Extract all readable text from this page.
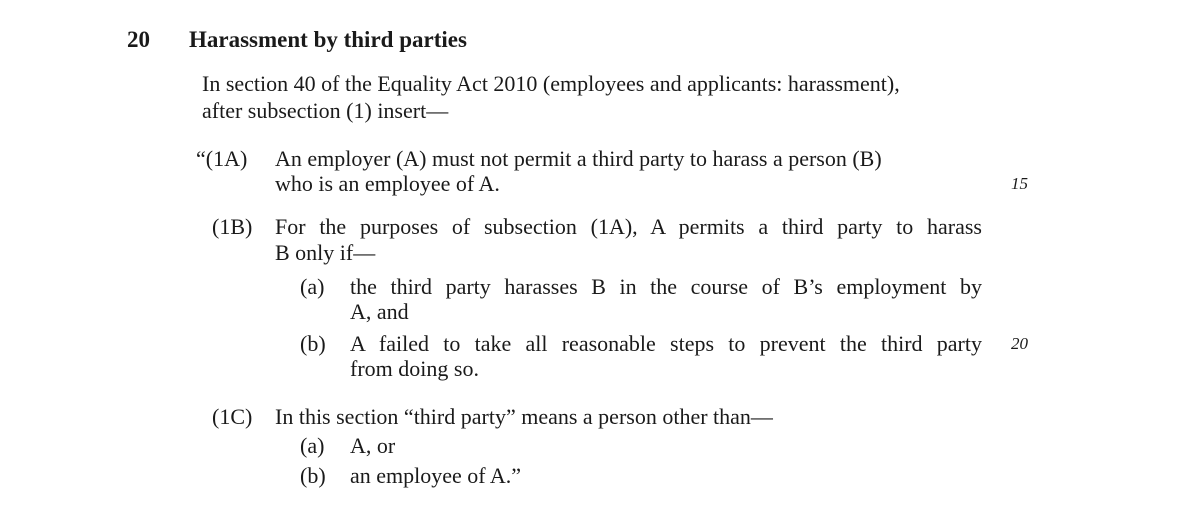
20 Harassment by third parties
In section 40 of the Equality Act 2010 (employees and applicants: harassment),
after subsection (1) insert—
“(1A) An employer (A) must not permit a third party to harass a person (B)
who is an employee of A.	15
(1B) For the purposes of subsection (1A), A permits a third party to harass
B only if—
(a) the third party harasses B in the course of B’s employment by
A, and
(b) A failed to take all reasonable steps to prevent the third party
from doing so.
20
(1C) In this section “third party” means a person other than—
(a) A, or
(b) an employee of A.”
